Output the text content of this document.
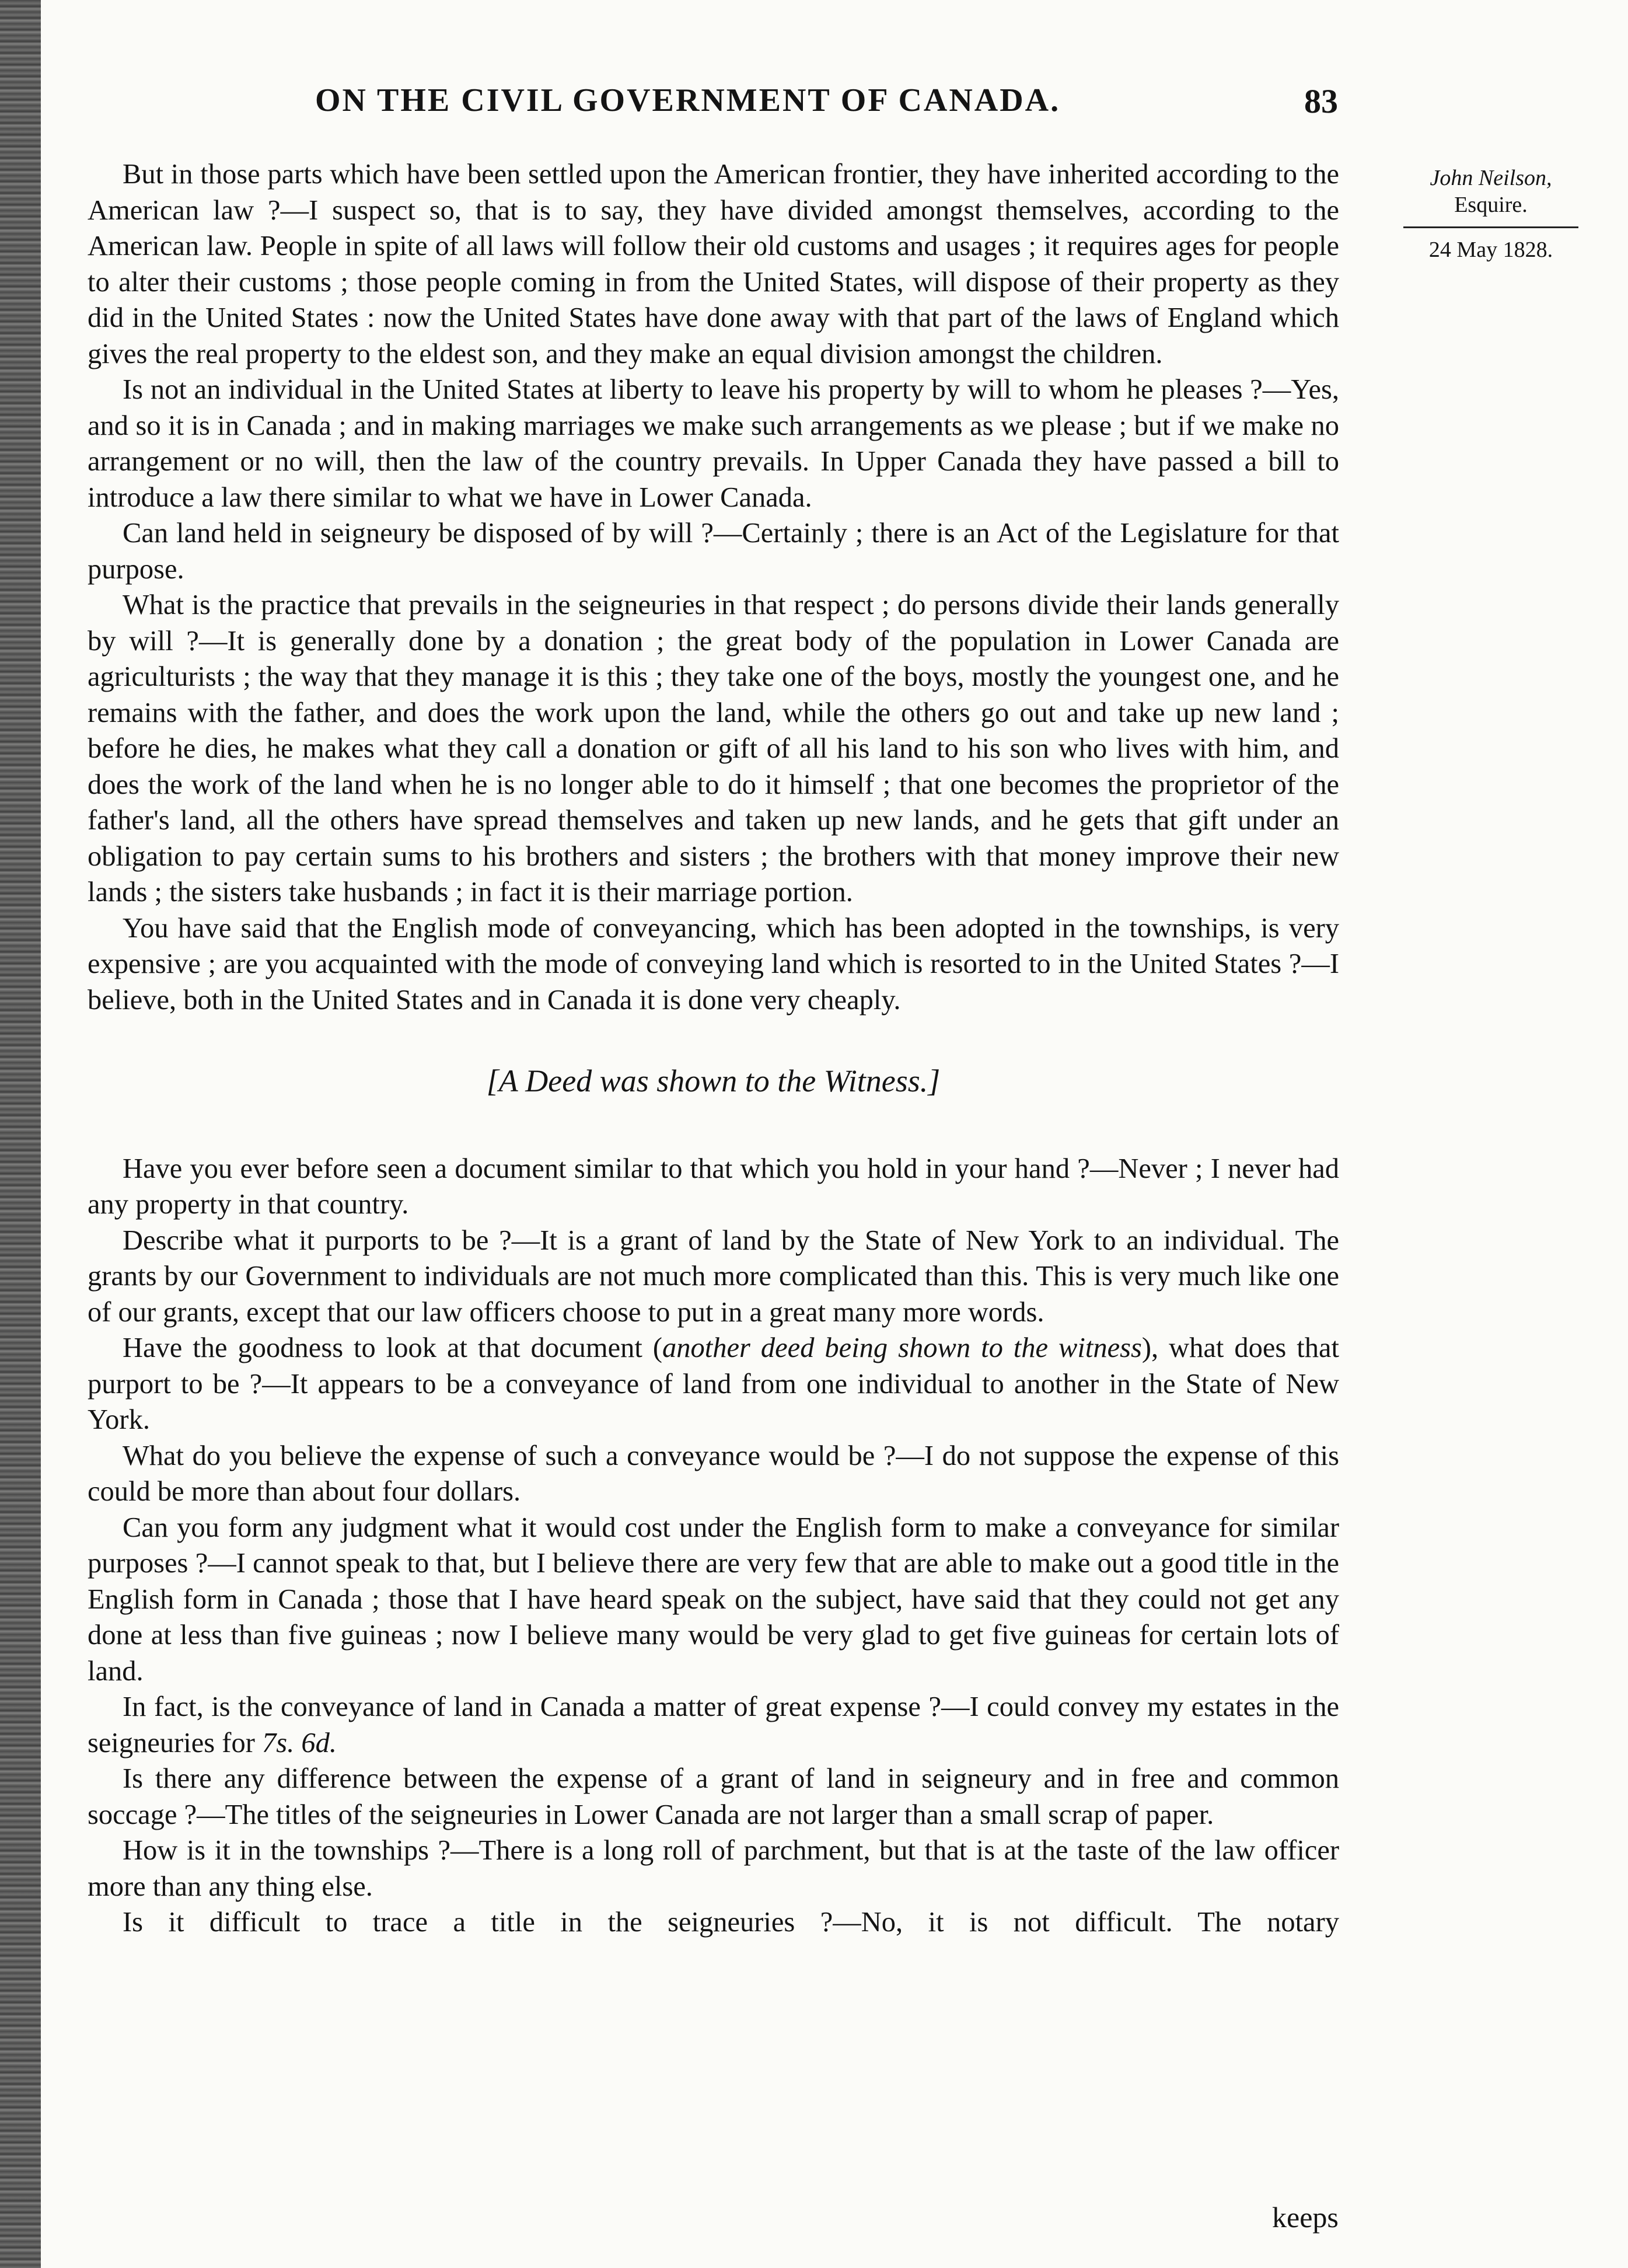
ON THE CIVIL GOVERNMENT OF CANADA.	83
John Neilson,
Esquire.
24 May 1828.

But in those parts which have been settled upon the American frontier, they have inherited according to the American law ?—I suspect so, that is to say, they have divided amongst themselves, according to the American law. People in spite of all laws will follow their old customs and usages ; it requires ages for people to alter their customs ; those people coming in from the United States, will dispose of their property as they did in the United States : now the United States have done away with that part of the laws of England which gives the real property to the eldest son, and they make an equal division amongst the children.

Is not an individual in the United States at liberty to leave his property by will to whom he pleases ?—Yes, and so it is in Canada ; and in making marriages we make such arrangements as we please ; but if we make no arrangement or no will, then the law of the country prevails. In Upper Canada they have passed a bill to introduce a law there similar to what we have in Lower Canada.

Can land held in seigneury be disposed of by will ?—Certainly ; there is an Act of the Legislature for that purpose.

What is the practice that prevails in the seigneuries in that respect ; do persons divide their lands generally by will ?—It is generally done by a donation ; the great body of the population in Lower Canada are agriculturists ; the way that they manage it is this ; they take one of the boys, mostly the youngest one, and he remains with the father, and does the work upon the land, while the others go out and take up new land ; before he dies, he makes what they call a donation or gift of all his land to his son who lives with him, and does the work of the land when he is no longer able to do it himself ; that one becomes the proprietor of the father's land, all the others have spread themselves and taken up new lands, and he gets that gift under an obligation to pay certain sums to his brothers and sisters ; the brothers with that money improve their new lands ; the sisters take husbands ; in fact it is their marriage portion.

You have said that the English mode of conveyancing, which has been adopted in the townships, is very expensive ; are you acquainted with the mode of conveying land which is resorted to in the United States ?—I believe, both in the United States and in Canada it is done very cheaply.

[A Deed was shown to the Witness.]

Have you ever before seen a document similar to that which you hold in your hand ?—Never ; I never had any property in that country.

Describe what it purports to be ?—It is a grant of land by the State of New York to an individual. The grants by our Government to individuals are not much more complicated than this. This is very much like one of our grants, except that our law officers choose to put in a great many more words.

Have the goodness to look at that document (another deed being shown to the witness), what does that purport to be ?—It appears to be a conveyance of land from one individual to another in the State of New York.

What do you believe the expense of such a conveyance would be ?—I do not suppose the expense of this could be more than about four dollars.

Can you form any judgment what it would cost under the English form to make a conveyance for similar purposes ?—I cannot speak to that, but I believe there are very few that are able to make out a good title in the English form in Canada ; those that I have heard speak on the subject, have said that they could not get any done at less than five guineas ; now I believe many would be very glad to get five guineas for certain lots of land.

In fact, is the conveyance of land in Canada a matter of great expense ?—I could convey my estates in the seigneuries for 7s. 6d.

Is there any difference between the expense of a grant of land in seigneury and in free and common soccage ?—The titles of the seigneuries in Lower Canada are not larger than a small scrap of paper.

How is it in the townships ?—There is a long roll of parchment, but that is at the taste of the law officer more than any thing else.

Is it difficult to trace a title in the seigneuries ?—No, it is not difficult. The notary

keeps
